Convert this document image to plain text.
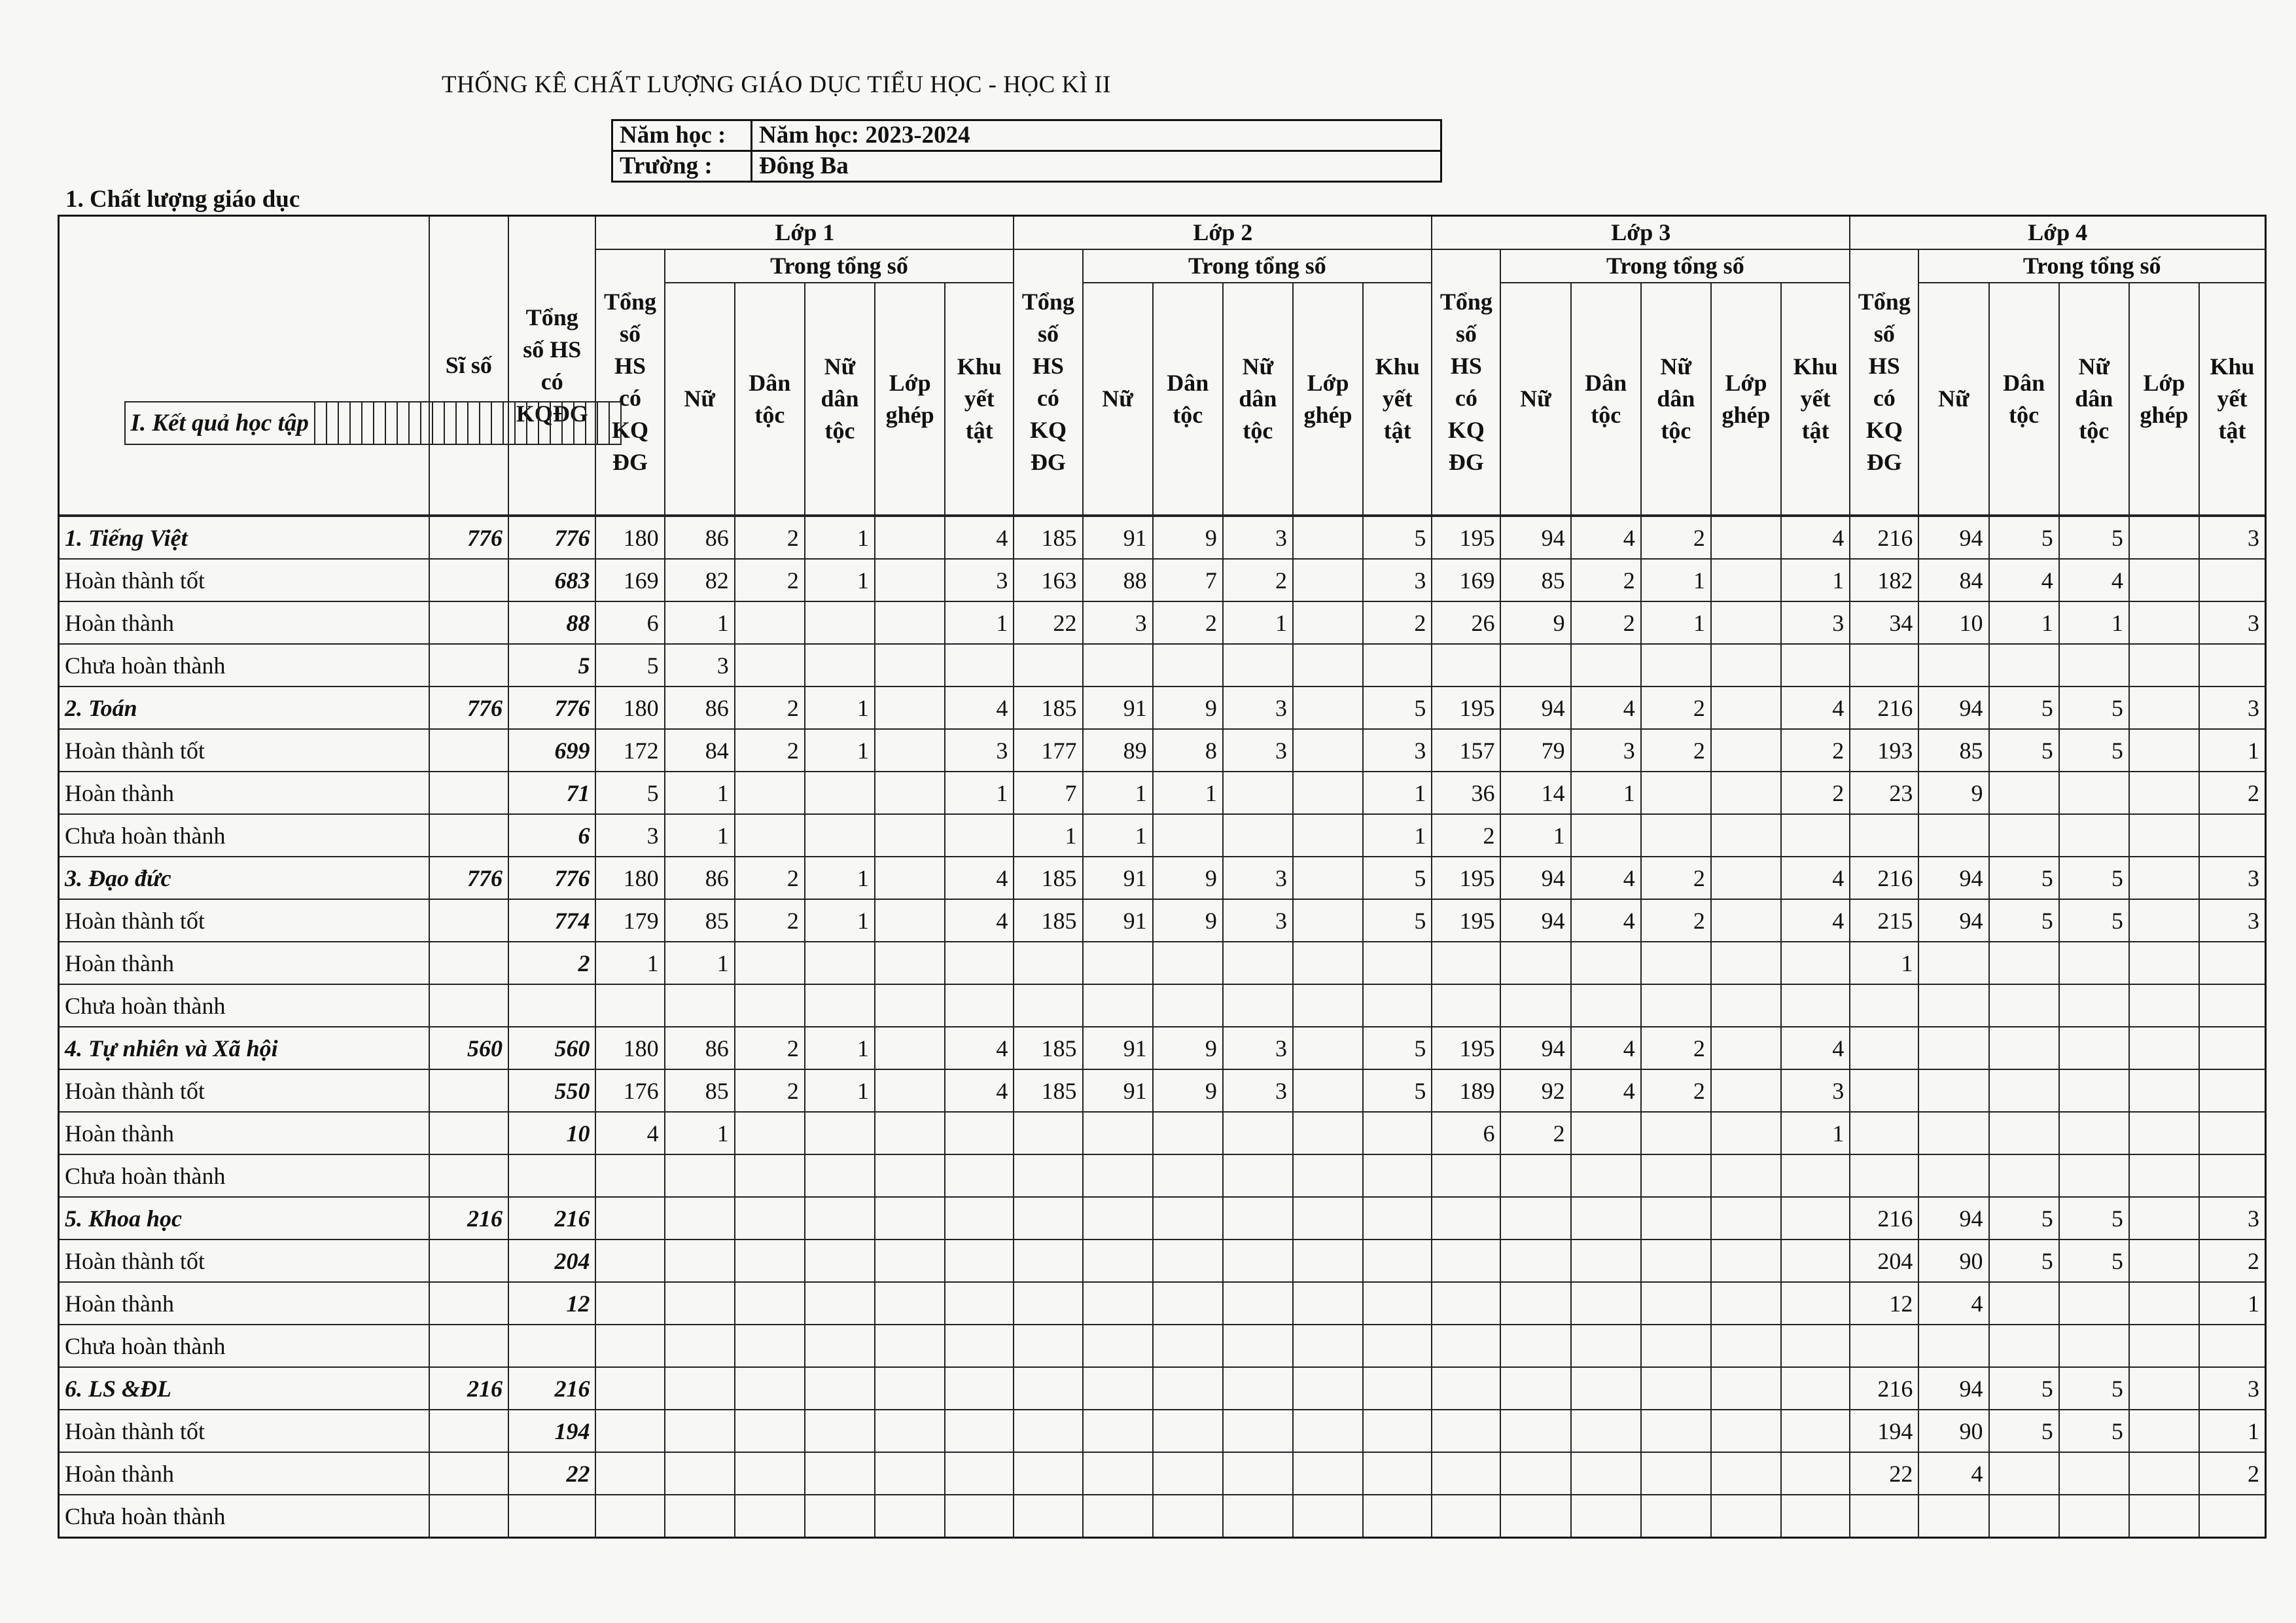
THỐNG KÊ CHẤT LƯỢNG GIÁO DỤC TIỂU HỌC - HỌC KÌ II
Năm học :	Năm học: 2023-2024
Trường :	Đông Ba
1. Chất lượng giáo dục
	Sĩ số	Tổng số HS có KQĐG	Lớp 1	Lớp 2	Lớp 3	Lớp 4
Tổng số HS có KQ ĐG	Trong tổng số	Tổng số HS có KQ ĐG	Trong tổng số	Tổng số HS có KQ ĐG	Trong tổng số	Tổng số HS có KQ ĐG	Trong tổng số
Nữ	Dân tộc	Nữ dân tộc	Lớp ghép	Khu yết tật	Nữ	Dân tộc	Nữ dân tộc	Lớp ghép	Khu yết tật	Nữ	Dân tộc	Nữ dân tộc	Lớp ghép	Khu yết tật	Nữ	Dân tộc	Nữ dân tộc	Lớp ghép	Khu yết tật

I. Kết quả học tập																										
1. Tiếng Việt	776	776	180	86	2	1		4	185	91	9	3		5	195	94	4	2		4	216	94	5	5		3
Hoàn thành tốt		683	169	82	2	1		3	163	88	7	2		3	169	85	2	1		1	182	84	4	4		
Hoàn thành		88	6	1				1	22	3	2	1		2	26	9	2	1		3	34	10	1	1		3
Chưa hoàn thành		5	5	3																						
2. Toán	776	776	180	86	2	1		4	185	91	9	3		5	195	94	4	2		4	216	94	5	5		3
Hoàn thành tốt		699	172	84	2	1		3	177	89	8	3		3	157	79	3	2		2	193	85	5	5		1
Hoàn thành		71	5	1				1	7	1	1			1	36	14	1			2	23	9				2
Chưa hoàn thành		6	3	1					1	1				1	2	1										
3. Đạo đức	776	776	180	86	2	1		4	185	91	9	3		5	195	94	4	2		4	216	94	5	5		3
Hoàn thành tốt		774	179	85	2	1		4	185	91	9	3		5	195	94	4	2		4	215	94	5	5		3
Hoàn thành		2	1	1																	1					
Chưa hoàn thành																										
4. Tự nhiên và Xã hội	560	560	180	86	2	1		4	185	91	9	3		5	195	94	4	2		4						
Hoàn thành tốt		550	176	85	2	1		4	185	91	9	3		5	189	92	4	2		3						
Hoàn thành		10	4	1											6	2				1						
Chưa hoàn thành																										
5. Khoa học	216	216																			216	94	5	5		3
Hoàn thành tốt		204																			204	90	5	5		2
Hoàn thành		12																			12	4				1
Chưa hoàn thành																										
6. LS &ĐL	216	216																			216	94	5	5		3
Hoàn thành tốt		194																			194	90	5	5		1
Hoàn thành		22																			22	4				2
Chưa hoàn thành																										
